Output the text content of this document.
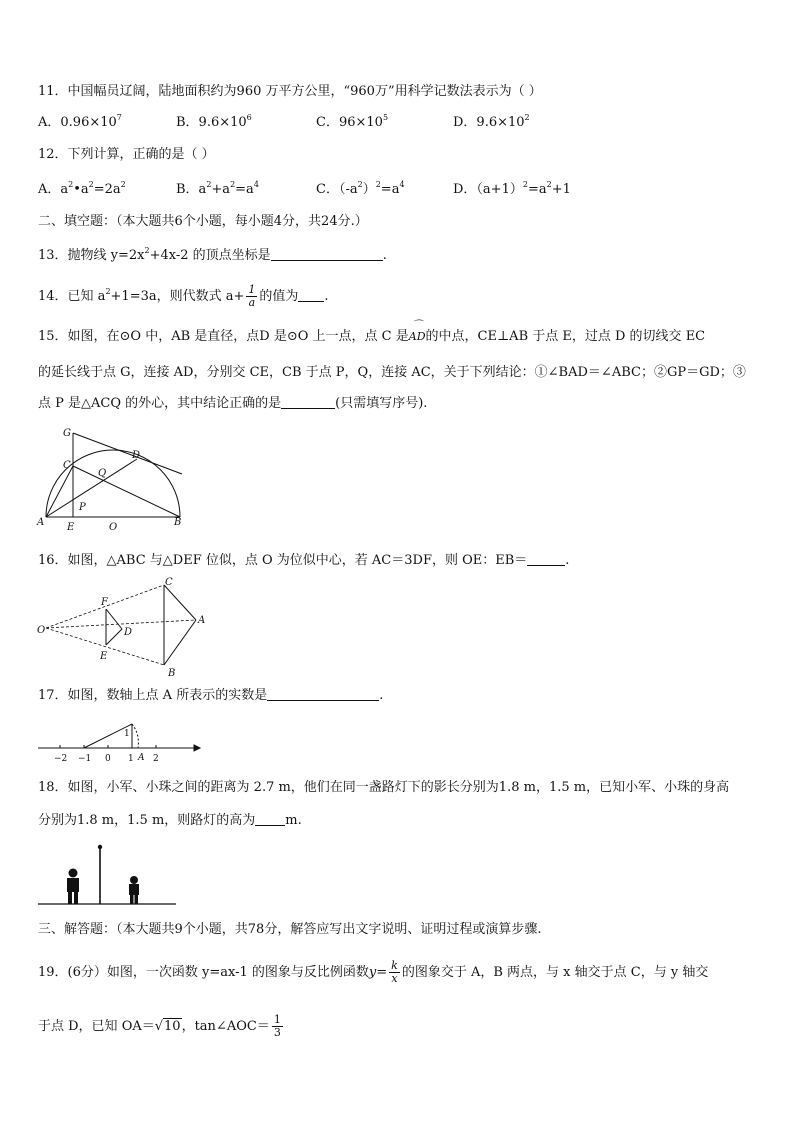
11．中国幅员辽阔，陆地面积约为960 万平方公里，“960万”用科学记数法表示为（ ）
A．$0.96\times 10^7$	B．$9.6\times 10^6$	C．$96\times 10^5$	D．$9.6\times 10^2$
12．下列计算，正确的是（ ）
A．$a^2•a^2=2a^2$	B．$a^2+a^2=a^4$	C．$(-a^2)^2=a^4$	D．$(a+1)^2=a^2+1$
二、填空题：（本大题共6个小题，每小题4分，共24分.）
13．抛物线 $y=2x^2+4x-2$ 的顶点坐标是	.
14．已知 $a^2+1=3a$，则代数式 $a+ \frac{1}{a}$ 的值为 .
15．如图，在⊙O 中，AB 是直径，点D 是⊙O 上一点，点 C 是
⌒
AD的中点，CE⊥AB 于点 E，过点 D 的切线交 EC
的延长线于点 G，连接 AD，分别交 CE，CB 于点 P，Q，连接 AC，关于下列结论：①∠BAD＝∠ABC；②GP＝GD；③
点 P 是△ACQ 的外心，其中结论正确的是	(只需填写序号).
G
C
D
Q
P
A E	O	B
16．如图，△ABC 与△DEF 位似，点 O 为位似中心，若 AC＝3DF，则 OE：EB＝	.
C
F
O	D
A
E
B
17．如图，数轴上点 A 所表示的实数是	.
−2 −1 0 1 2
1
A
18．如图，小军、小珠之间的距离为 2.7 m，他们在同一盏路灯下的影长分别为1.8 m，1.5 m，已知小军、小珠的身高
分别为1.8 m，1.5 m，则路灯的高为 m.
三、解答题：（本大题共9个小题，共78分，解答应写出文字说明、证明过程或演算步骤.
19．(6分）如图，一次函数 y=ax-1 的图象与反比例函数$y= \frac{k}{x}$ 的图象交于 A，B 两点，与 x 轴交于点 C，与 y 轴交
于点 D，已知 OA＝√10，tan∠AOC＝ $\frac{1}{3}$
